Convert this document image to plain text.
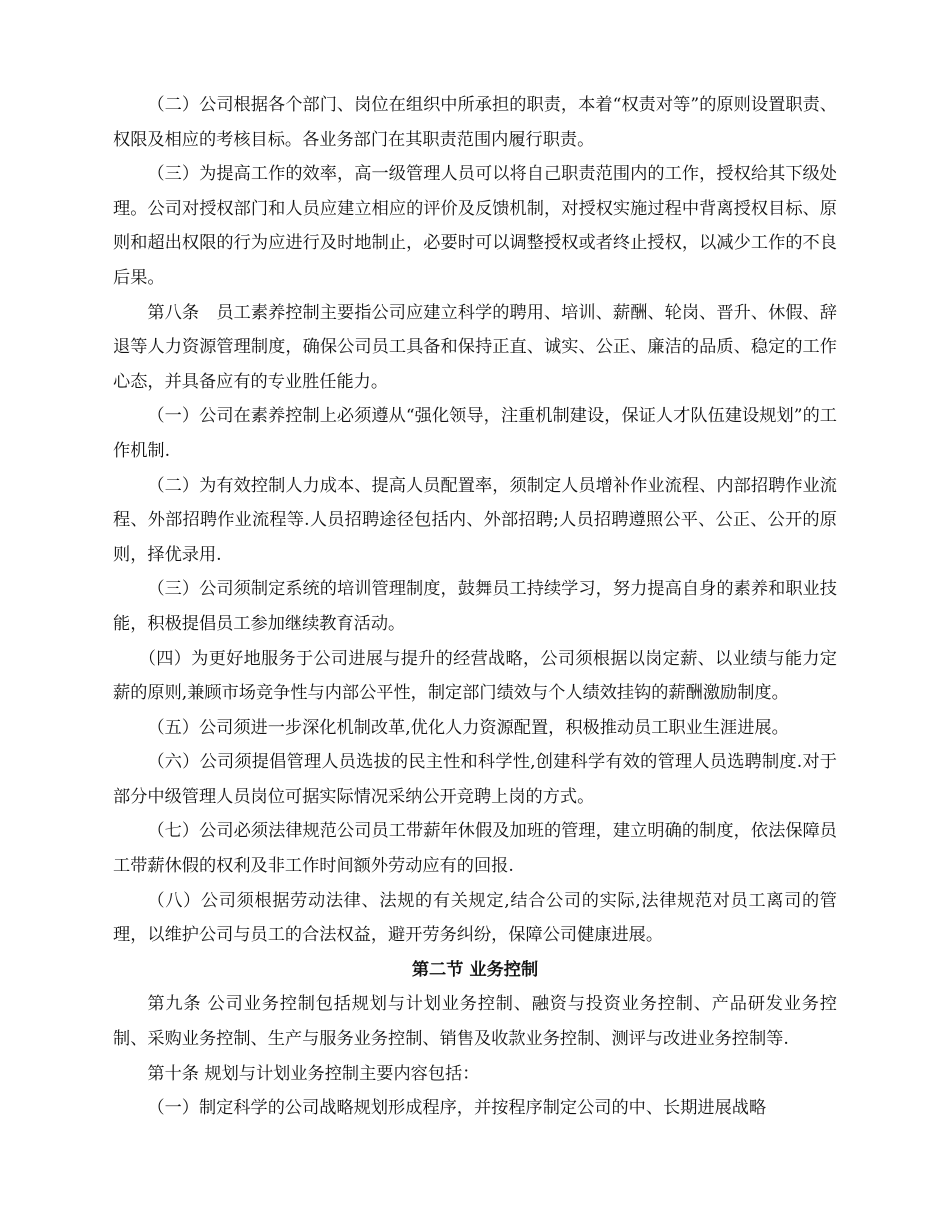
（二）公司根据各个部门、岗位在组织中所承担的职责，本着“权责对等”的原则设置职责、权限及相应的考核目标。各业务部门在其职责范围内履行职责。

（三）为提高工作的效率，高一级管理人员可以将自己职责范围内的工作，授权给其下级处理。公司对授权部门和人员应建立相应的评价及反馈机制，对授权实施过程中背离授权目标、原则和超出权限的行为应进行及时地制止，必要时可以调整授权或者终止授权，以减少工作的不良后果。

第八条　员工素养控制主要指公司应建立科学的聘用、培训、薪酬、轮岗、晋升、休假、辞退等人力资源管理制度，确保公司员工具备和保持正直、诚实、公正、廉洁的品质、稳定的工作心态，并具备应有的专业胜任能力。

（一）公司在素养控制上必须遵从“强化领导，注重机制建设，保证人才队伍建设规划”的工作机制.

（二）为有效控制人力成本、提高人员配置率，须制定人员增补作业流程、内部招聘作业流程、外部招聘作业流程等.人员招聘途径包括内、外部招聘;人员招聘遵照公平、公正、公开的原则，择优录用.

（三）公司须制定系统的培训管理制度，鼓舞员工持续学习，努力提高自身的素养和职业技能，积极提倡员工参加继续教育活动。

（四）为更好地服务于公司进展与提升的经营战略，公司须根据以岗定薪、以业绩与能力定薪的原则,兼顾市场竞争性与内部公平性，制定部门绩效与个人绩效挂钩的薪酬激励制度。

（五）公司须进一步深化机制改革,优化人力资源配置，积极推动员工职业生涯进展。

（六）公司须提倡管理人员选拔的民主性和科学性,创建科学有效的管理人员选聘制度.对于部分中级管理人员岗位可据实际情况采纳公开竞聘上岗的方式。

（七）公司必须法律规范公司员工带薪年休假及加班的管理，建立明确的制度，依法保障员工带薪休假的权利及非工作时间额外劳动应有的回报.

（八）公司须根据劳动法律、法规的有关规定,结合公司的实际,法律规范对员工离司的管理，以维护公司与员工的合法权益，避开劳务纠纷，保障公司健康进展。

第二节 业务控制

第九条 公司业务控制包括规划与计划业务控制、融资与投资业务控制、产品研发业务控制、采购业务控制、生产与服务业务控制、销售及收款业务控制、测评与改进业务控制等.

第十条 规划与计划业务控制主要内容包括：

（一）制定科学的公司战略规划形成程序，并按程序制定公司的中、长期进展战略
